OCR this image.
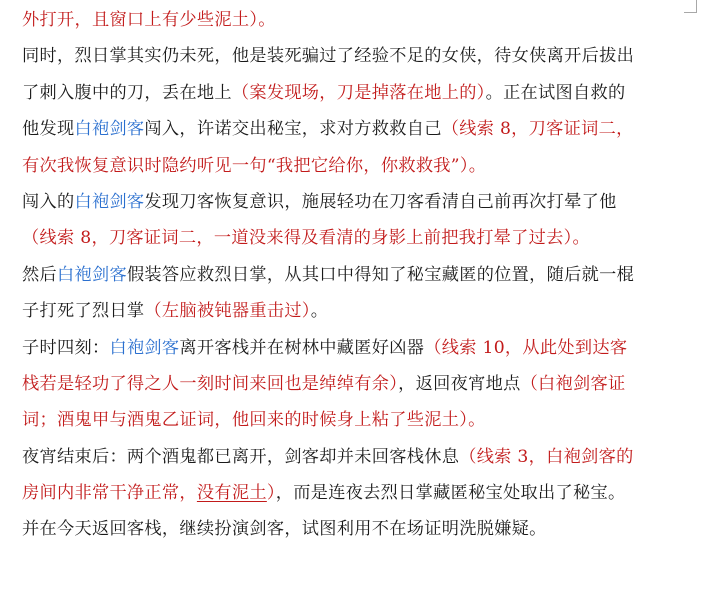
外打开，且窗口上有少些泥土）。
同时，烈日掌其实仍未死，他是装死骗过了经验不足的女侠，待女侠离开后拔出
了刺入腹中的刀，丢在地上（案发现场，刀是掉落在地上的）。正在试图自救的
他发现白袍剑客闯入，许诺交出秘宝，求对方救救自己（线索 8，刀客证词二，
有次我恢复意识时隐约听见一句“我把它给你，你救救我”）。
闯入的白袍剑客发现刀客恢复意识，施展轻功在刀客看清自己前再次打晕了他
（线索 8，刀客证词二，一道没来得及看清的身影上前把我打晕了过去）。
然后白袍剑客假装答应救烈日掌，从其口中得知了秘宝藏匿的位置，随后就一棍
子打死了烈日掌（左脑被钝器重击过）。
子时四刻：白袍剑客离开客栈并在树林中藏匿好凶器（线索 10，从此处到达客
栈若是轻功了得之人一刻时间来回也是绰绰有余），返回夜宵地点（白袍剑客证
词；酒鬼甲与酒鬼乙证词，他回来的时候身上粘了些泥土）。
夜宵结束后：两个酒鬼都已离开，剑客却并未回客栈休息（线索 3，白袍剑客的
房间内非常干净正常，没有泥土），而是连夜去烈日掌藏匿秘宝处取出了秘宝。
并在今天返回客栈，继续扮演剑客，试图利用不在场证明洗脱嫌疑。
